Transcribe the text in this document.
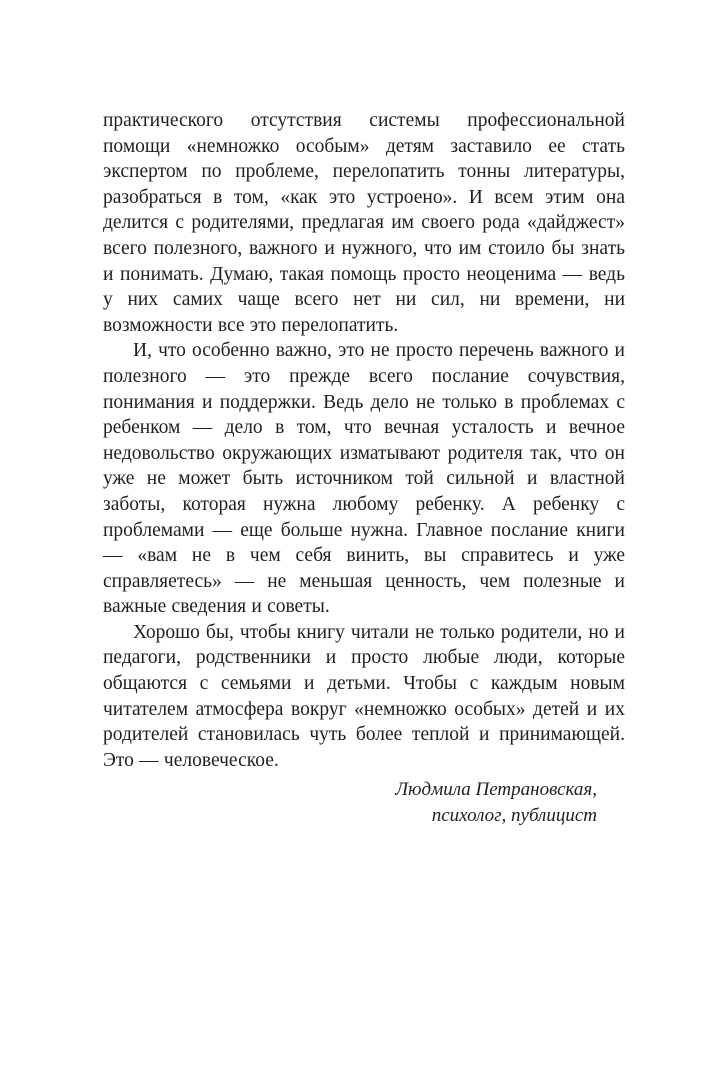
практического отсутствия системы профессиональной помощи «немножко особым» детям заставило ее стать экспертом по проблеме, перелопатить тонны литературы, разобраться в том, «как это устроено». И всем этим она делится с родителями, предлагая им своего рода «дайджест» всего полезного, важного и нужного, что им стоило бы знать и понимать. Думаю, такая помощь просто неоценима — ведь у них самих чаще всего нет ни сил, ни времени, ни возможности все это перелопатить.

И, что особенно важно, это не просто перечень важного и полезного — это прежде всего послание сочувствия, понимания и поддержки. Ведь дело не только в проблемах с ребенком — дело в том, что вечная усталость и вечное недовольство окружающих изматывают родителя так, что он уже не может быть источником той сильной и властной заботы, которая нужна любому ребенку. А ребенку с проблемами — еще больше нужна. Главное послание книги — «вам не в чем себя винить, вы справитесь и уже справляетесь» — не меньшая ценность, чем полезные и важные сведения и советы.

Хорошо бы, чтобы книгу читали не только родители, но и педагоги, родственники и просто любые люди, которые общаются с семьями и детьми. Чтобы с каждым новым читателем атмосфера вокруг «немножко особых» детей и их родителей становилась чуть более теплой и принимающей. Это — человеческое.

Людмила Петрановская,
психолог, публицист
